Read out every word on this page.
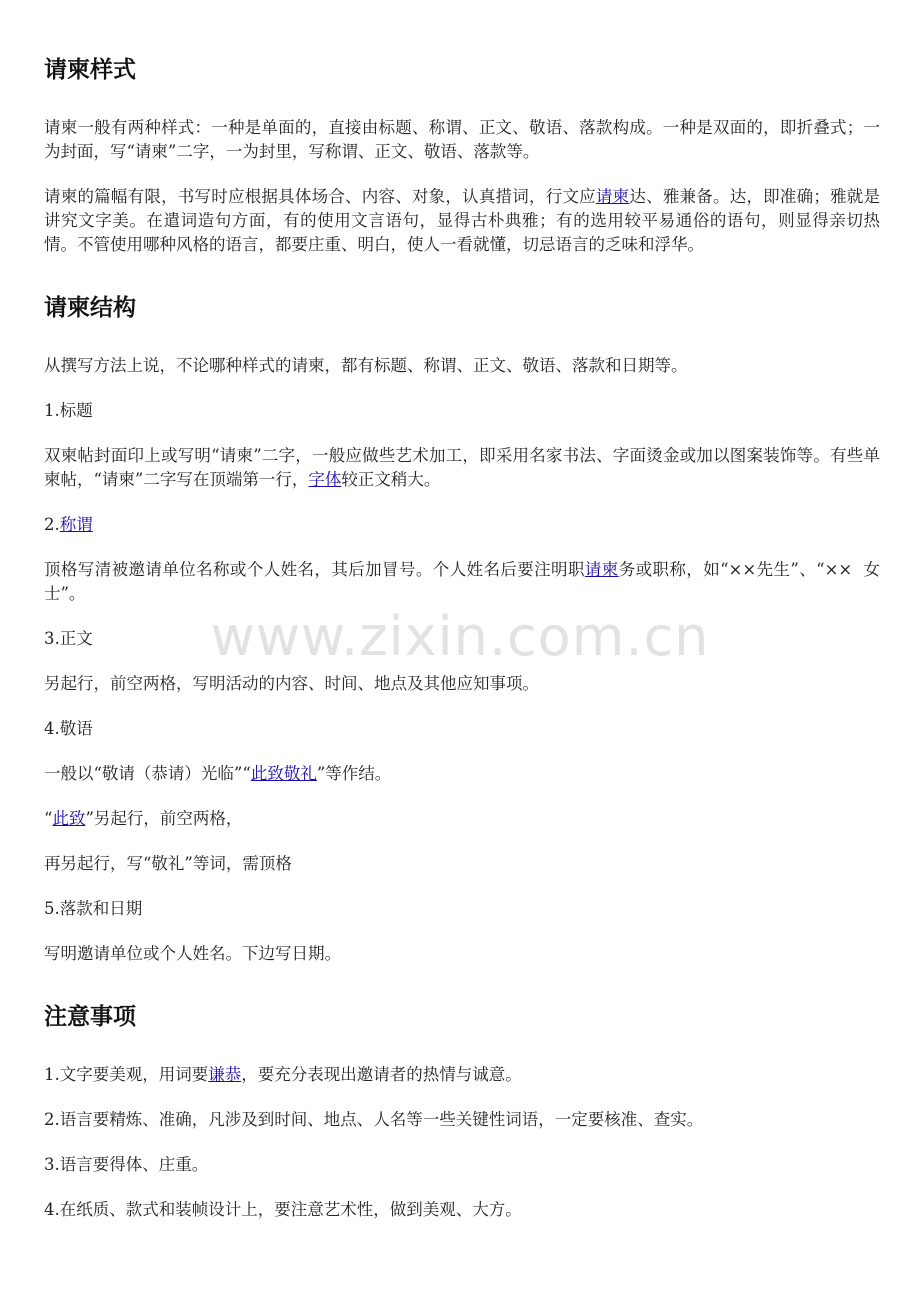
请柬样式

请柬一般有两种样式：一种是单面的，直接由标题、称谓、正文、敬语、落款构成。一种是双面的，即折叠式；一为封面，写“请柬”二字，一为封里，写称谓、正文、敬语、落款等。

请柬的篇幅有限，书写时应根据具体场合、内容、对象，认真措词，行文应请柬达、雅兼备。达，即准确；雅就是讲究文字美。在遣词造句方面，有的使用文言语句，显得古朴典雅；有的选用较平易通俗的语句，则显得亲切热情。不管使用哪种风格的语言，都要庄重、明白，使人一看就懂，切忌语言的乏味和浮华。

请柬结构

从撰写方法上说，不论哪种样式的请柬，都有标题、称谓、正文、敬语、落款和日期等。

1.标题

双柬帖封面印上或写明“请柬”二字，一般应做些艺术加工，即采用名家书法、字面烫金或加以图案装饰等。有些单柬帖，“请柬”二字写在顶端第一行，字体较正文稍大。

2.称谓

顶格写清被邀请单位名称或个人姓名，其后加冒号。个人姓名后要注明职请柬务或职称，如“××先生”、“××  女士”。

3.正文

另起行，前空两格，写明活动的内容、时间、地点及其他应知事项。

4.敬语

一般以“敬请（恭请）光临”“此致敬礼”等作结。

“此致”另起行，前空两格，

再另起行，写“敬礼”等词，需顶格

5.落款和日期

写明邀请单位或个人姓名。下边写日期。

注意事项

1.文字要美观，用词要谦恭，要充分表现出邀请者的热情与诚意。

2.语言要精炼、准确，凡涉及到时间、地点、人名等一些关键性词语，一定要核准、查实。

3.语言要得体、庄重。

4.在纸质、款式和装帧设计上，要注意艺术性，做到美观、大方。

www.zixin.com.cn
